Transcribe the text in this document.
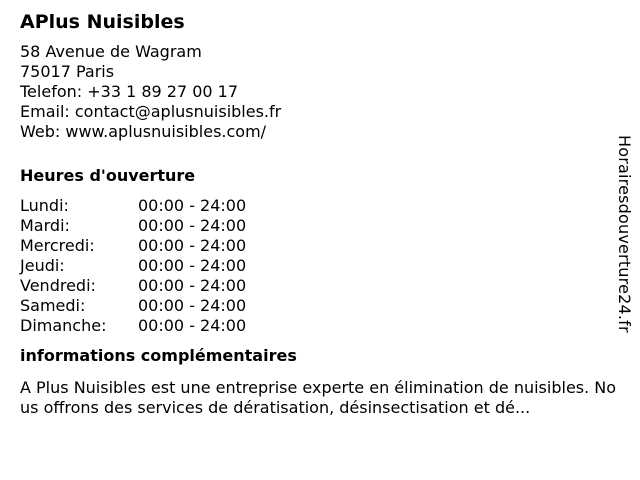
APlus Nuisibles
58 Avenue de Wagram
75017 Paris
Telefon: +33 1 89 27 00 17
Email: contact@aplusnuisibles.fr
Web: www.aplusnuisibles.com/
Heures d'ouverture
Lundi:	00:00 - 24:00
Mardi:	00:00 - 24:00
Mercredi:	00:00 - 24:00
Jeudi:	00:00 - 24:00
Vendredi:	00:00 - 24:00
Samedi:	00:00 - 24:00
Dimanche:	00:00 - 24:00
informations complémentaires
A Plus Nuisibles est une entreprise experte en élimination de nuisibles. Nous offrons des services de dératisation, désinsectisation et dé...
Horairesdouverture24.fr
